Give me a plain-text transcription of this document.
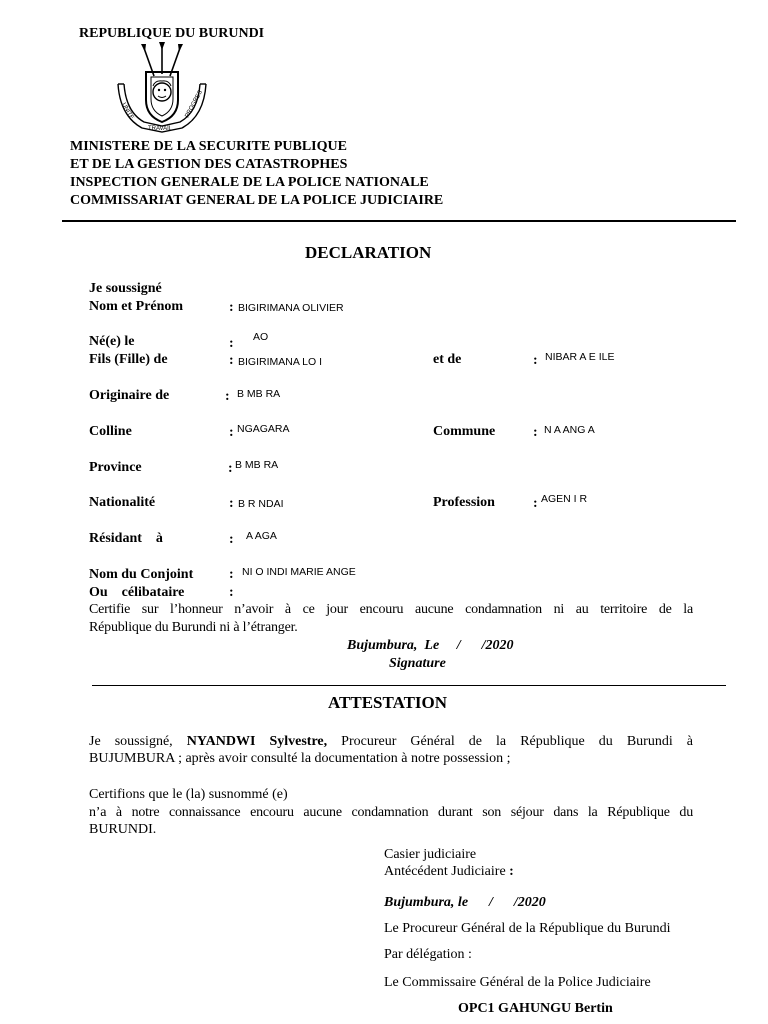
REPUBLIQUE DU BURUNDI
UNITE
TRAVAIL
PROGRES
MINISTERE DE LA SECURITE PUBLIQUE
ET DE LA GESTION DES CATASTROPHES
INSPECTION GENERALE DE LA POLICE NATIONALE
COMMISSARIAT GENERAL DE LA POLICE JUDICIAIRE
DECLARATION
Je soussigné
Nom et Prénom	: BIGIRIMANA OLIVIER
Né(e) le	: AO
Fils (Fille) de	: BIGIRIMANA LO I	et de	: NIBAR A E ILE
Originaire de	: B MB RA
Colline	: NGAGARA	Commune	: N A ANG A
Province	: B MB RA
Nationalité	: B R NDAI	Profession	: AGEN I R
Résidant    à	: A AGA
Nom du Conjoint	: NI O INDI MARIE ANGE
Ou    célibataire	:
Certifie sur l’honneur n’avoir à ce jour encouru aucune condamnation ni au territoire de la
République du Burundi ni à l’étranger.
Bujumbura,  Le     /      /2020
Signature
ATTESTATION
Je soussigné, NYANDWI Sylvestre, Procureur Général de la République du Burundi à
BUJUMBURA ; après avoir consulté la documentation à notre possession ;
Certifions que le (la) susnommé (e)
n’a à notre connaissance encouru aucune condamnation durant son séjour dans la République du
BURUNDI.
Casier judiciaire
Antécédent Judiciaire :
Bujumbura, le      /      /2020
Le Procureur Général de la République du Burundi
Par délégation :
Le Commissaire Général de la Police Judiciaire
OPC1 GAHUNGU Bertin
